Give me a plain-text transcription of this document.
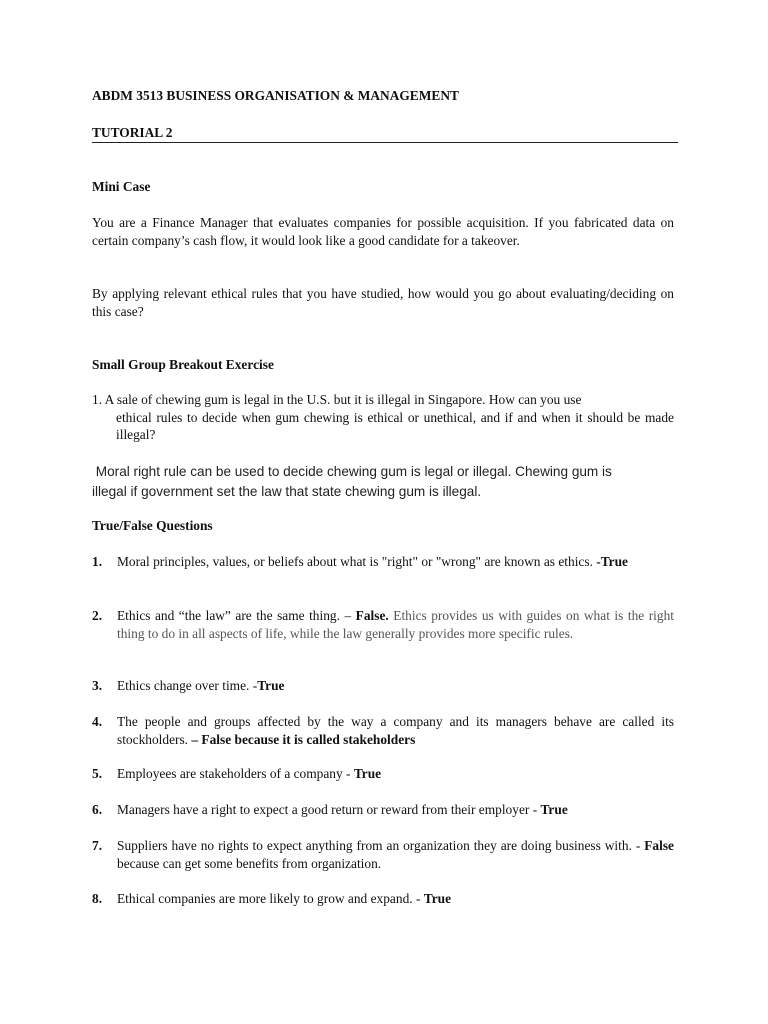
ABDM 3513 BUSINESS ORGANISATION & MANAGEMENT
TUTORIAL 2
Mini Case
You are a Finance Manager that evaluates companies for possible acquisition. If you fabricated data on certain company’s cash flow, it would look like a good candidate for a takeover.
By applying relevant ethical rules that you have studied, how would you go about evaluating/deciding on this case?
Small Group Breakout Exercise
1. A sale of chewing gum is legal in the U.S. but it is illegal in Singapore. How can you use
ethical rules to decide when gum chewing is ethical or unethical, and if and when it should be made illegal?
Moral right rule can be used to decide chewing gum is legal or illegal. Chewing gum is
illegal if government set the law that state chewing gum is illegal.
True/False Questions
1. Moral principles, values, or beliefs about what is "right" or "wrong" are known as ethics. -True
2. Ethics and “the law” are the same thing. – False. Ethics provides us with guides on what is the right thing to do in all aspects of life, while the law generally provides more specific rules.
3. Ethics change over time. -True
4. The people and groups affected by the way a company and its managers behave are called its stockholders. – False because it is called stakeholders
5. Employees are stakeholders of a company - True
6. Managers have a right to expect a good return or reward from their employer - True
7. Suppliers have no rights to expect anything from an organization they are doing business with. - False because can get some benefits from organization.
8. Ethical companies are more likely to grow and expand. - True
